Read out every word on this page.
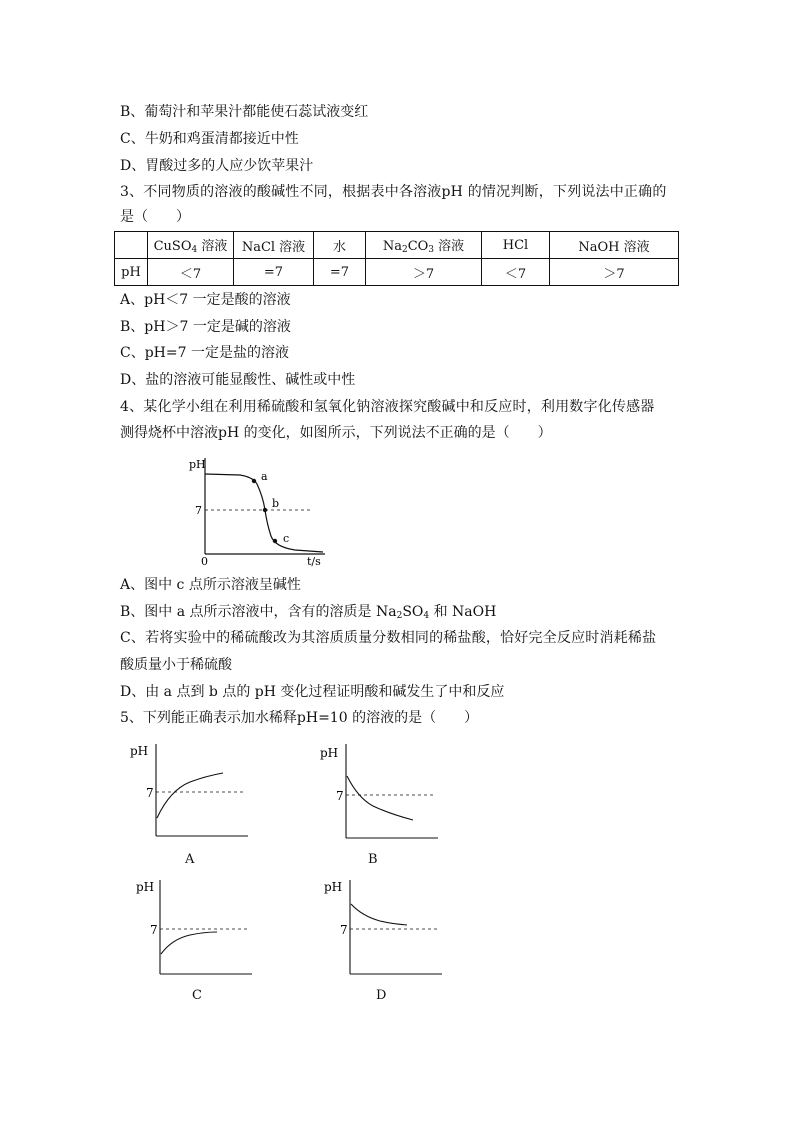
B、葡萄汁和苹果汁都能使石蕊试液变红
C、牛奶和鸡蛋清都接近中性
D、胃酸过多的人应少饮苹果汁
3、不同物质的溶液的酸碱性不同，根据表中各溶液pH 的情况判断，下列说法中正确的
是（　　）
	CuSO$_4$ 溶液	NaCl 溶液	水	$Na_2CO_3$ 溶液	HCl	NaOH 溶液
pH	＜7	=7	=7	＞7	＜7	＞7
A、pH＜7 一定是酸的溶液
B、pH＞7 一定是碱的溶液
C、pH=7 一定是盐的溶液
D、盐的溶液可能显酸性、碱性或中性
4、某化学小组在利用稀硫酸和氢氧化钠溶液探究酸碱中和反应时，利用数字化传感器
测得烧杯中溶液pH 的变化，如图所示，下列说法不正确的是（　　）
pH
7
0	t/s
a
b
c
A、图中 c 点所示溶液呈碱性
B、图中 a 点所示溶液中，含有的溶质是 $Na_2SO_4$ 和 NaOH
C、若将实验中的稀硫酸改为其溶质质量分数相同的稀盐酸，恰好完全反应时消耗稀盐
酸质量小于稀硫酸
D、由 a 点到 b 点的 pH 变化过程证明酸和碱发生了中和反应
5、下列能正确表示加水稀释pH=10 的溶液的是（　　）
pH
7
A
pH
7
B
pH
7
C
pH
7
D
